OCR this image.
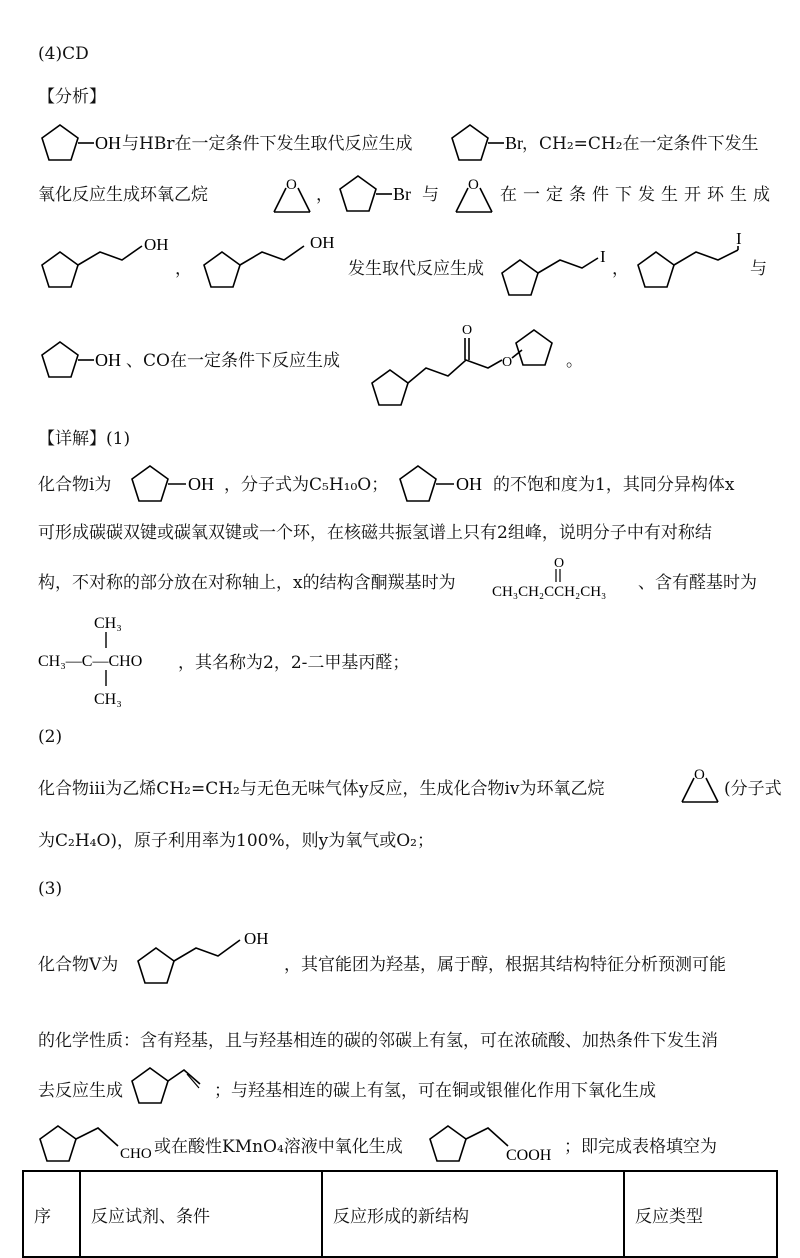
(4)CD
【分析】
OH 与HBr在一定条件下发生取代反应生成	Br ，CH₂=CH₂在一定条件下发生
氧化反应生成环氧乙烷	O ，	Br 与 O 在一定条件下发生开环生成
OH
，
OH
发生取代反应生成
I
，
I
与
OH 、CO在一定条件下反应生成
O
O	。
【详解】(1)
化合物ⅰ为	OH ，分子式为C₅H₁₀O；	OH 的不饱和度为1，其同分异构体x
可形成碳碳双键或碳氧双键或一个环，在核磁共振氢谱上只有2组峰，说明分子中有对称结
构，不对称的部分放在对称轴上，x的结构含酮羰基时为
O
CH₃CH₂CCH₂CH₃ 、含有醛基时为
CH₃
CH₃—C—CHO
CH₃
，其名称为2，2-二甲基丙醛；
(2)
化合物ⅲ为乙烯CH₂=CH₂与无色无味气体y反应，生成化合物ⅳ为环氧乙烷
O
(分子式
为C₂H₄O)，原子利用率为100%，则y为氧气或O₂；
(3)
化合物Ⅴ为
OH
，其官能团为羟基，属于醇，根据其结构特征分析预测可能
的化学性质：含有羟基，且与羟基相连的碳的邻碳上有氢，可在浓硫酸、加热条件下发生消
去反应生成	；与羟基相连的碳上有氢，可在铜或银催化作用下氧化生成
CHO 或在酸性KMnO₄溶液中氧化生成	COOH ；即完成表格填空为
序	反应试剂、条件	反应形成的新结构	反应类型
